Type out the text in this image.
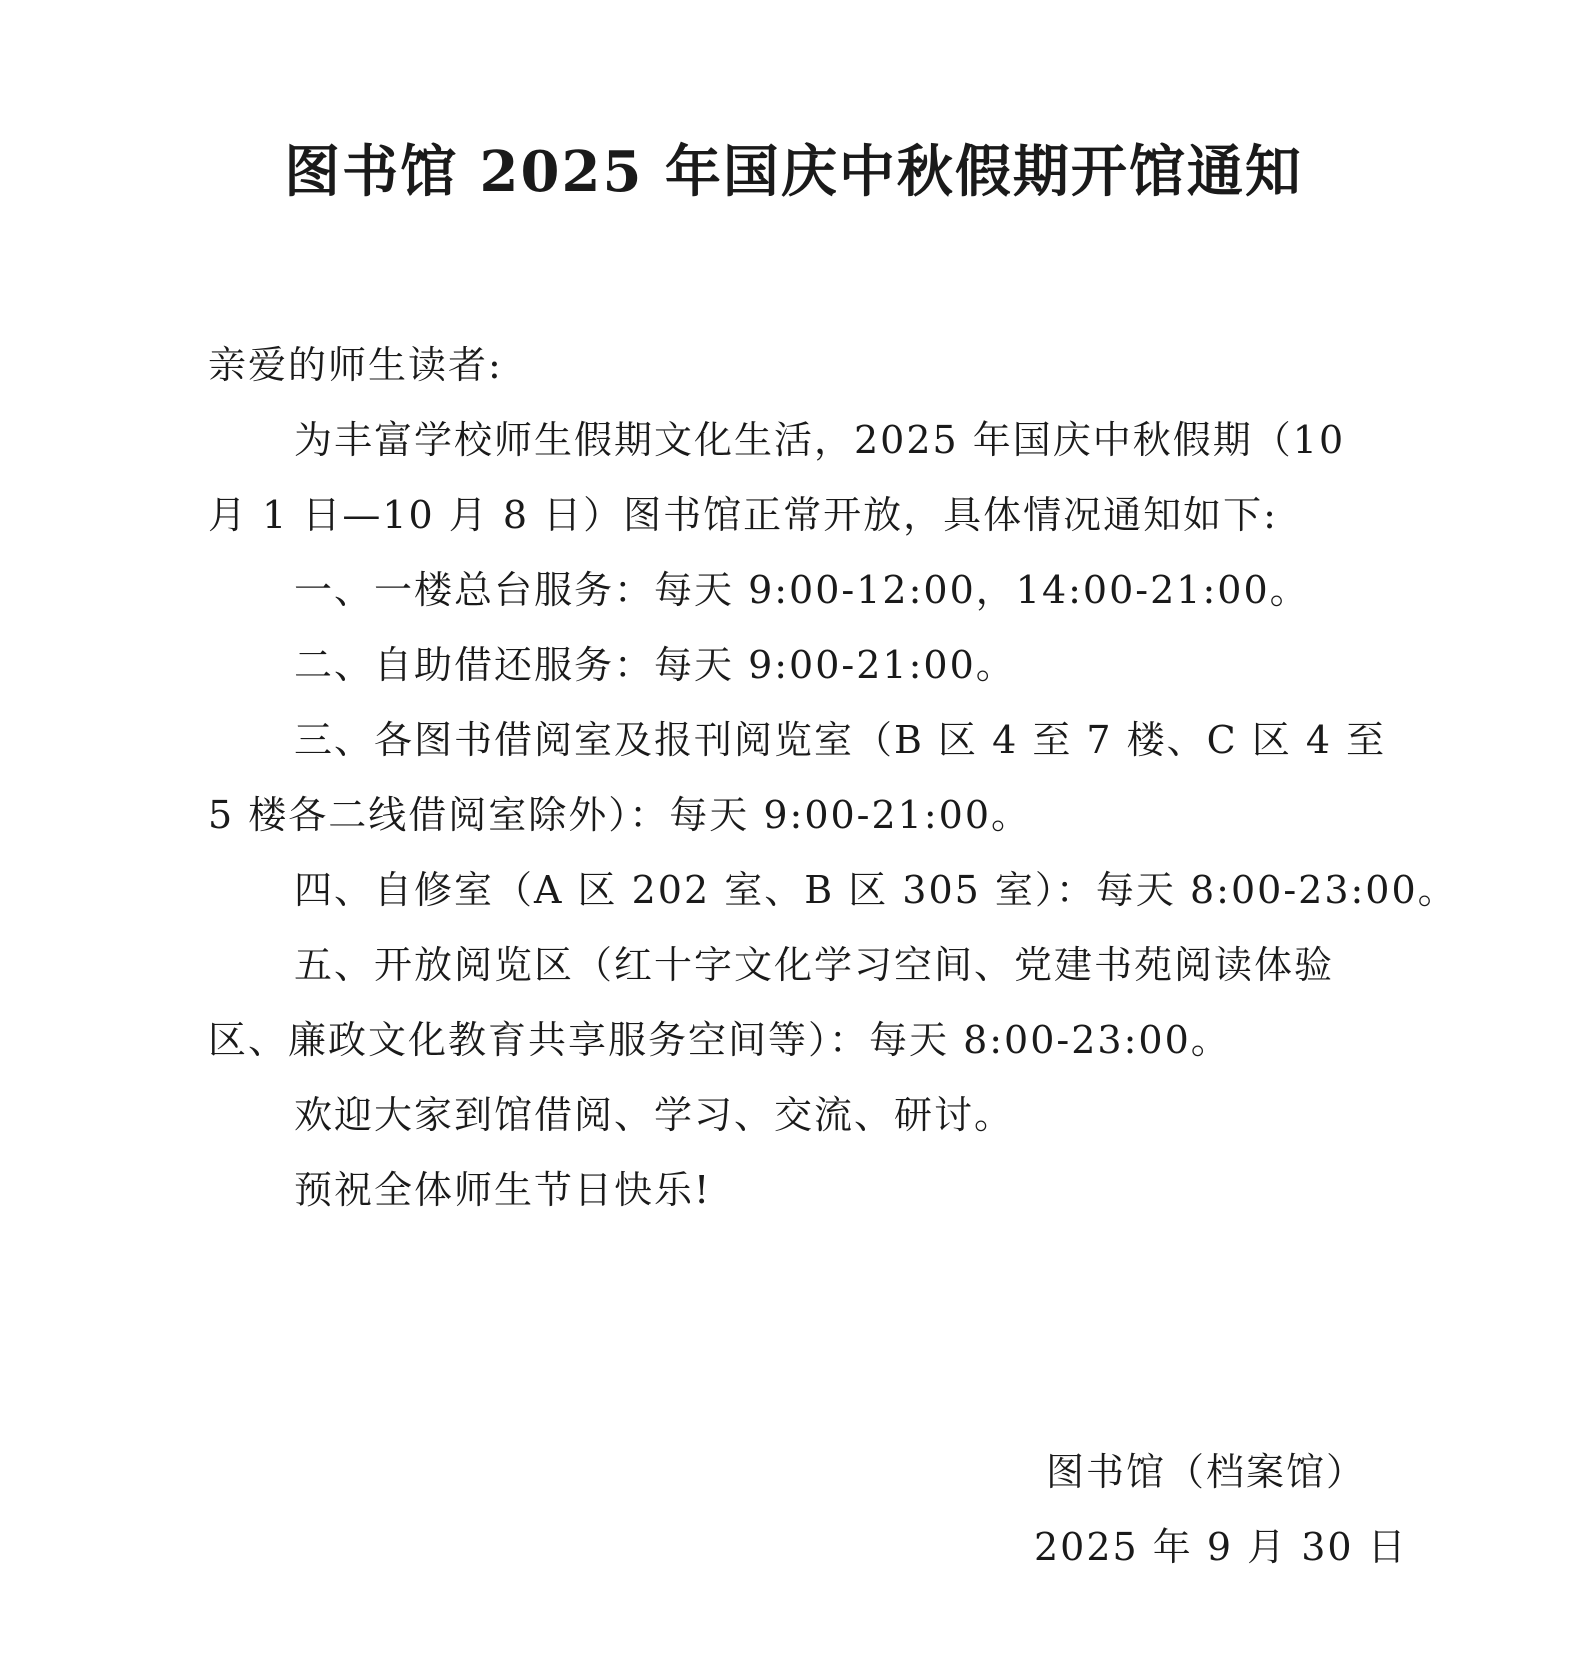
图书馆 2025 年国庆中秋假期开馆通知
亲爱的师生读者:
为丰富学校师生假期文化生活，2025 年国庆中秋假期（10
月 1 日—10 月 8 日）图书馆正常开放，具体情况通知如下:
一、一楼总台服务：每天 9:00-12:00，14:00-21:00。
二、自助借还服务：每天 9:00-21:00。
三、各图书借阅室及报刊阅览室（B 区 4 至 7 楼、C 区 4 至
5 楼各二线借阅室除外）：每天 9:00-21:00。
四、自修室（A 区 202 室、B 区 305 室）：每天 8:00-23:00。
五、开放阅览区（红十字文化学习空间、党建书苑阅读体验
区、廉政文化教育共享服务空间等）：每天 8:00-23:00。
欢迎大家到馆借阅、学习、交流、研讨。
预祝全体师生节日快乐!
图书馆（档案馆）
2025 年 9 月 30 日
